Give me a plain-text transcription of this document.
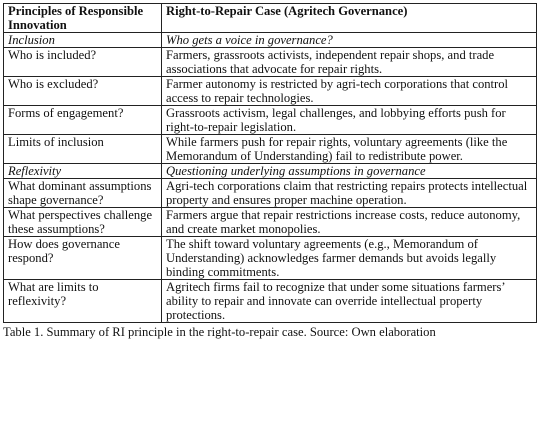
Principles of Responsible Innovation	Right-to-Repair Case (Agritech Governance)
Inclusion	Who gets a voice in governance?
Who is included?	Farmers, grassroots activists, independent repair shops, and trade associations that advocate for repair rights.
Who is excluded?	Farmer autonomy is restricted by agri-tech corporations that control access to repair technologies.
Forms of engagement?	Grassroots activism, legal challenges, and lobbying efforts push for right-to-repair legislation.
Limits of inclusion	While farmers push for repair rights, voluntary agreements (like the Memorandum of Understanding) fail to redistribute power.
Reflexivity	Questioning underlying assumptions in governance
What dominant assumptions shape governance?	Agri-tech corporations claim that restricting repairs protects intellectual property and ensures proper machine operation.
What perspectives challenge these assumptions?	Farmers argue that repair restrictions increase costs, reduce autonomy, and create market monopolies.
How does governance respond?	The shift toward voluntary agreements (e.g., Memorandum of Understanding) acknowledges farmer demands but avoids legally binding commitments.
What are limits to reflexivity?	Agritech firms fail to recognize that under some situations farmers’ ability to repair and innovate can override intellectual property protections.
Table 1. Summary of RI principle in the right-to-repair case. Source: Own elaboration
